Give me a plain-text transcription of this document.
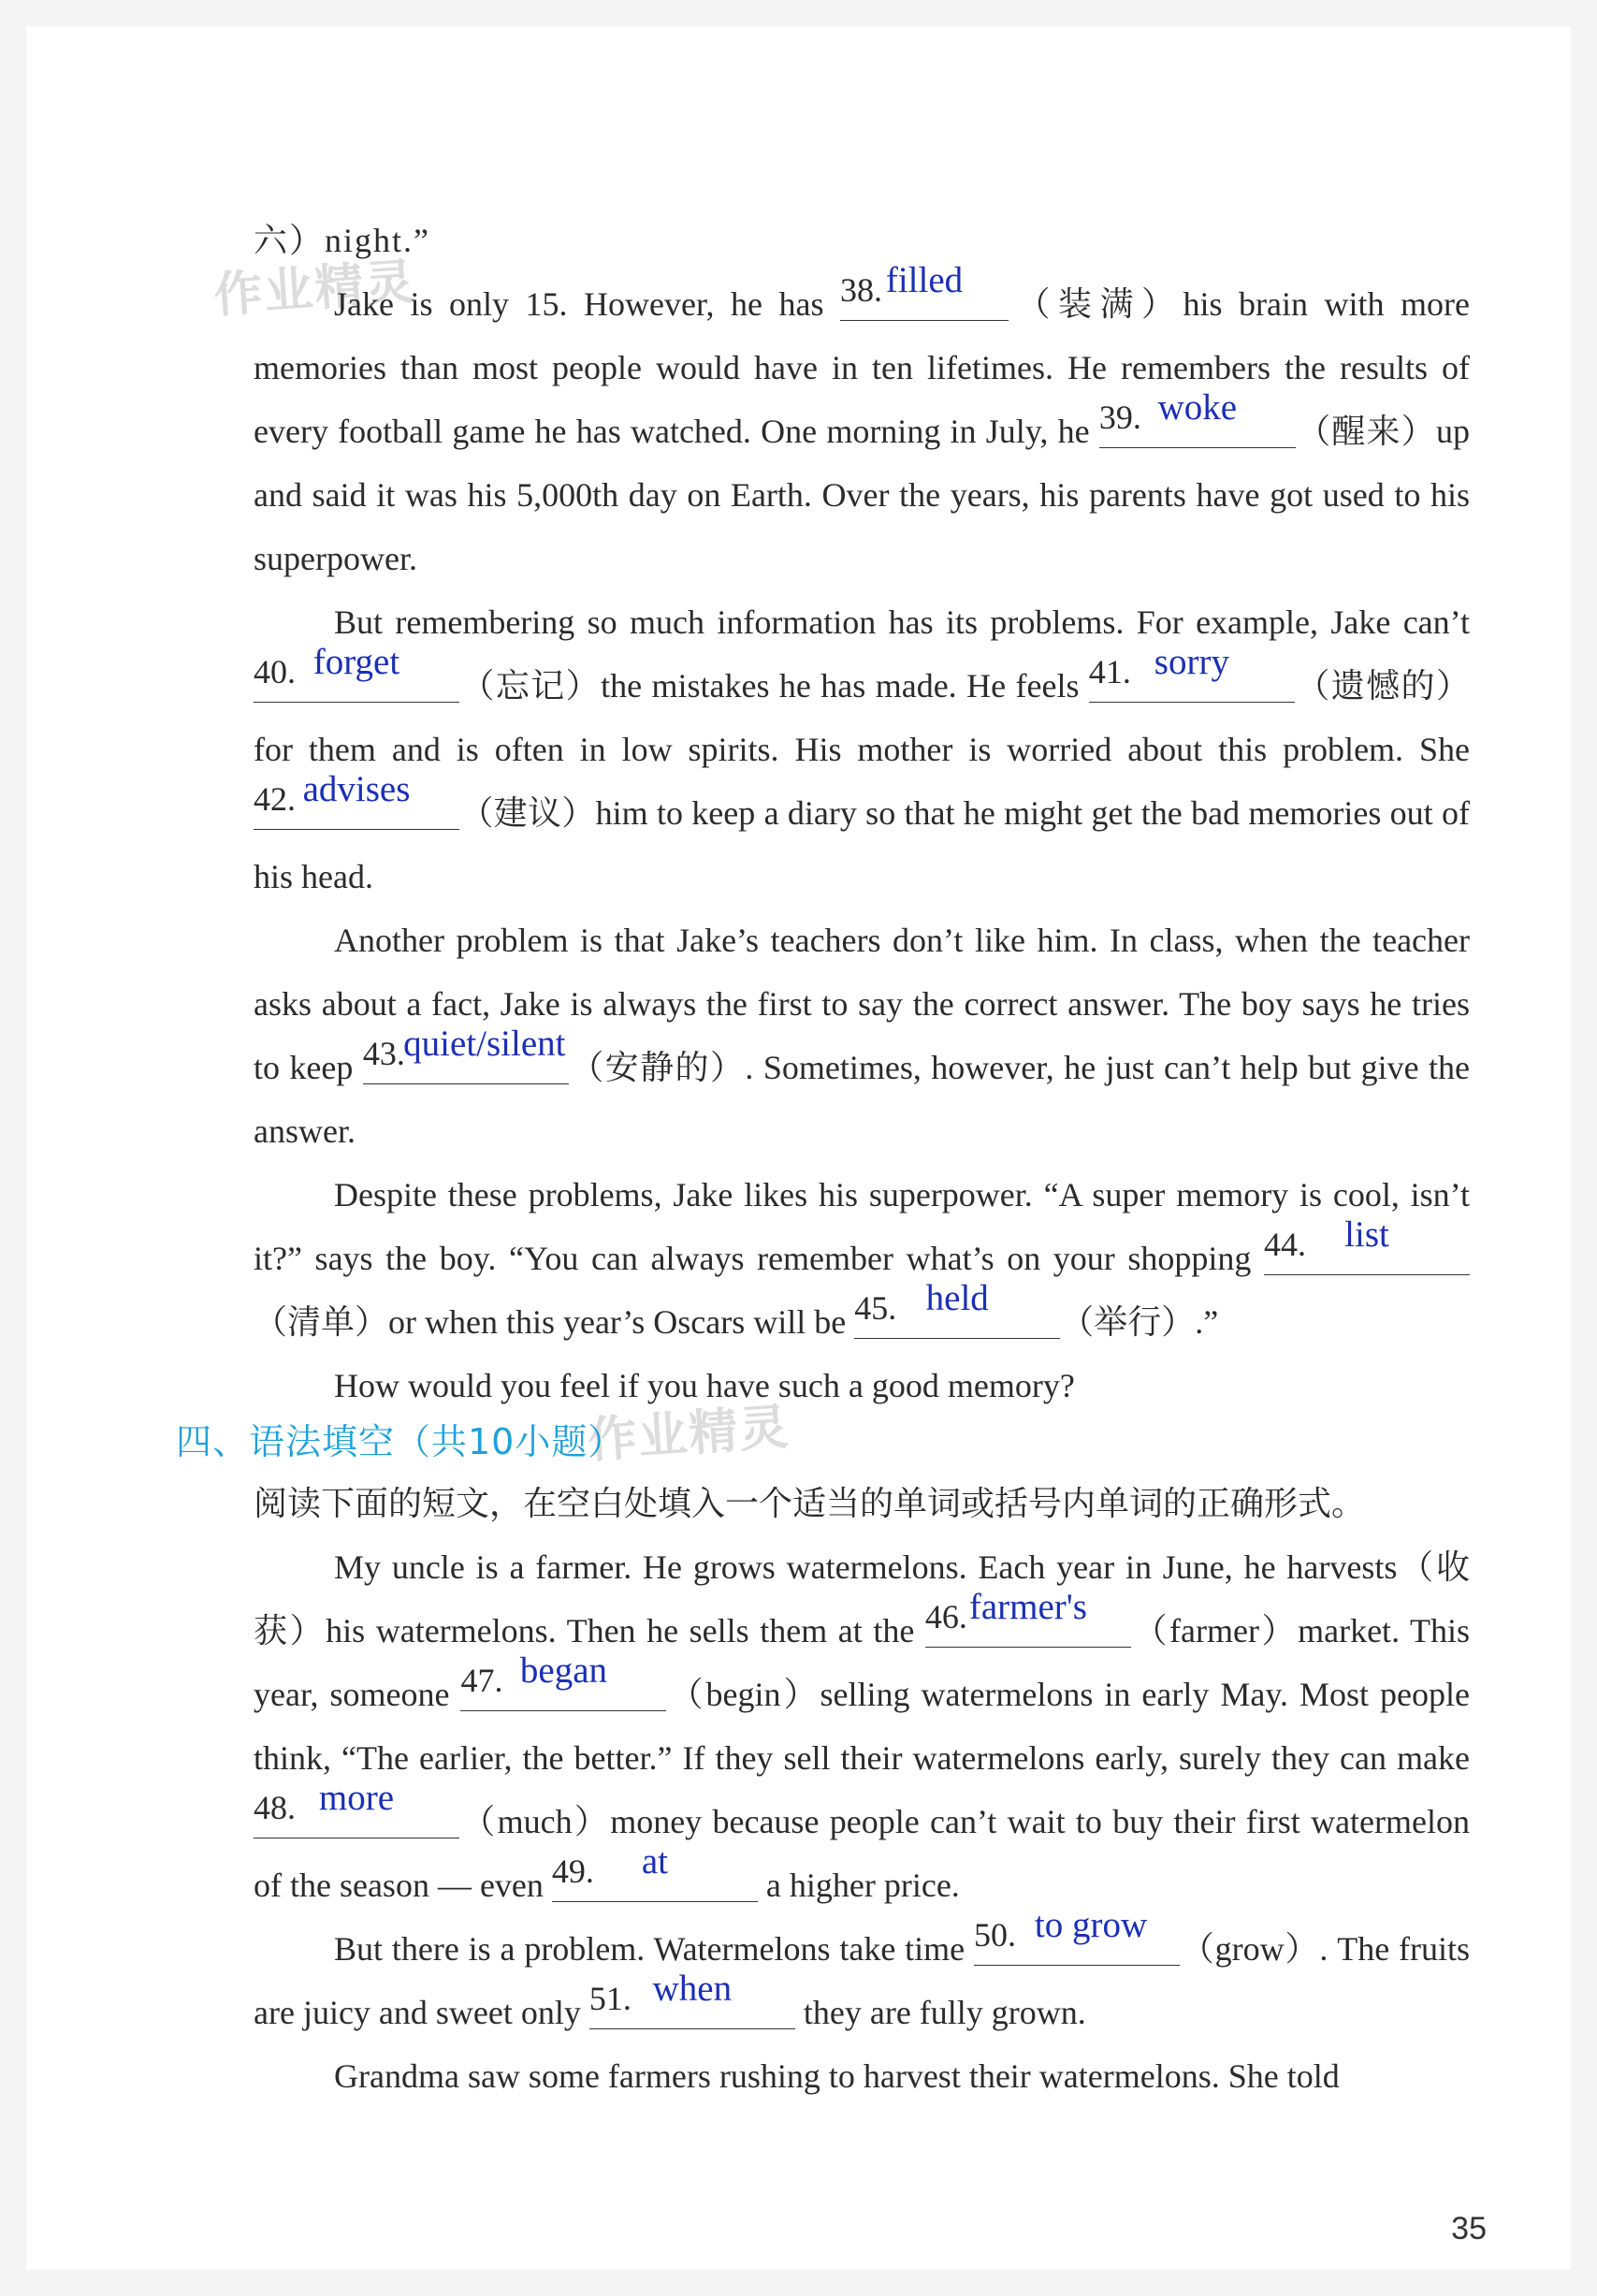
作业精灵
作业精灵

六）night.”

Jake is only 15. However, he has 38. filled
（装满）his brain with more memories than most people would have in ten lifetimes. He remembers the results of every football game he has watched. One morning in July, he 39. woke
（醒来）up and said it was his 5,000th day on Earth. Over the years, his parents have got used to his superpower.

But remembering so much information has its problems. For example, Jake can’t
40. forget
（忘记）the mistakes he has made. He feels 41. sorry
（遗憾的）for them and is often in low spirits. His mother is worried about this problem. She
42. advises
（建议）him to keep a diary so that he might get the bad memories out of his head.

Another problem is that Jake’s teachers don’t like him. In class, when the teacher asks about a fact, Jake is always the first to say the correct answer. The boy says he tries to keep 43.
quiet/silent
（安静的）. Sometimes, however, he just can’t help but give the answer.

Despite these problems, Jake likes his superpower. “A super memory is cool, isn’t it?” says the boy. “You can always remember what’s on your shopping 44.	list
（清单）or when this year’s Oscars will be 45. held
（举行）.”

How would you feel if you have such a good memory?

四、语法填空（共10小题）

阅读下面的短文，在空白处填入一个适当的单词或括号内单词的正确形式。

My uncle is a farmer. He grows watermelons. Each year in June, he harvests（收获）his watermelons. Then he sells them at the 46. farmer's
（farmer）market. This year, someone 47. began
（begin）selling watermelons in early May. Most people think, “The earlier, the better.” If they sell their watermelons early, surely they can make
48. more
（much）money because people can’t wait to buy their first watermelon of the season — even 49.	at
a higher price.

But there is a problem. Watermelons take time 50. to grow
（grow）. The fruits are juicy and sweet only 51. when
they are fully grown.

Grandma saw some farmers rushing to harvest their watermelons. She told

35
